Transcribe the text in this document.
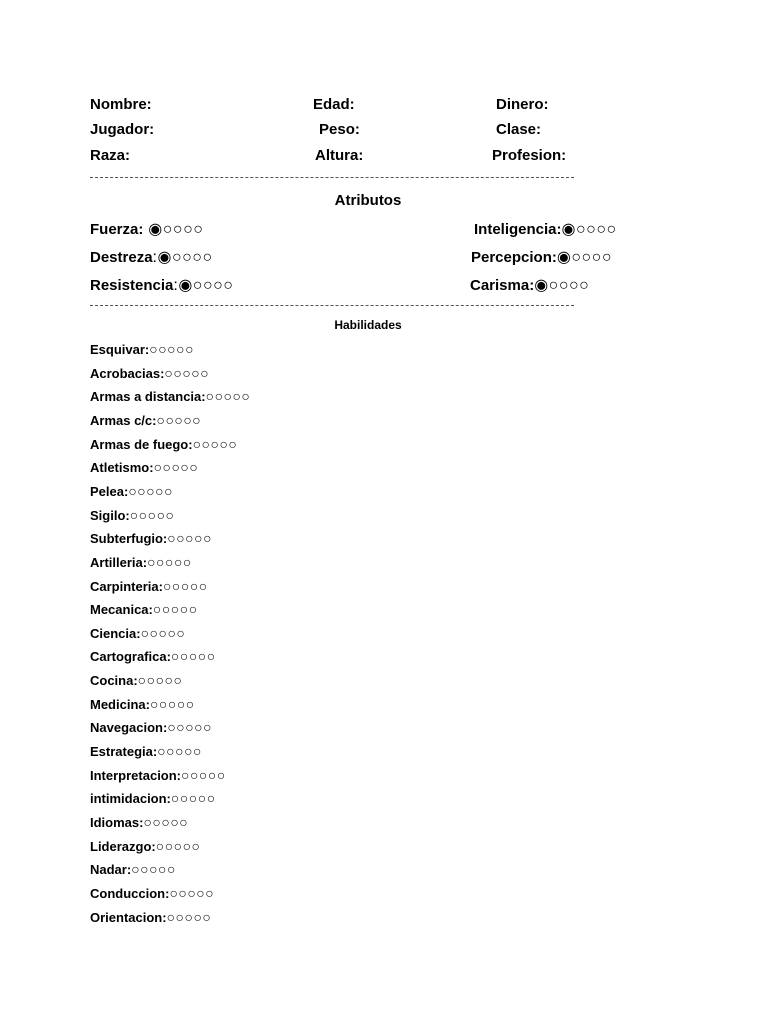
Nombre:
Jugador:
Raza:
Edad:
Peso:
Altura:
Dinero:
Clase:
Profesion:
Atributos
Fuerza: ◉○○○○
Destreza:◉○○○○
Resistencia:◉○○○○
Inteligencia:◉○○○○
Percepcion:◉○○○○
Carisma:◉○○○○
Habilidades
Esquivar:○○○○○
Acrobacias:○○○○○
Armas a distancia:○○○○○
Armas c/c:○○○○○
Armas de fuego:○○○○○
Atletismo:○○○○○
Pelea:○○○○○
Sigilo:○○○○○
Subterfugio:○○○○○
Artilleria:○○○○○
Carpinteria:○○○○○
Mecanica:○○○○○
Ciencia:○○○○○
Cartografica:○○○○○
Cocina:○○○○○
Medicina:○○○○○
Navegacion:○○○○○
Estrategia:○○○○○
Interpretacion:○○○○○
intimidacion:○○○○○
Idiomas:○○○○○
Liderazgo:○○○○○
Nadar:○○○○○
Conduccion:○○○○○
Orientacion:○○○○○
